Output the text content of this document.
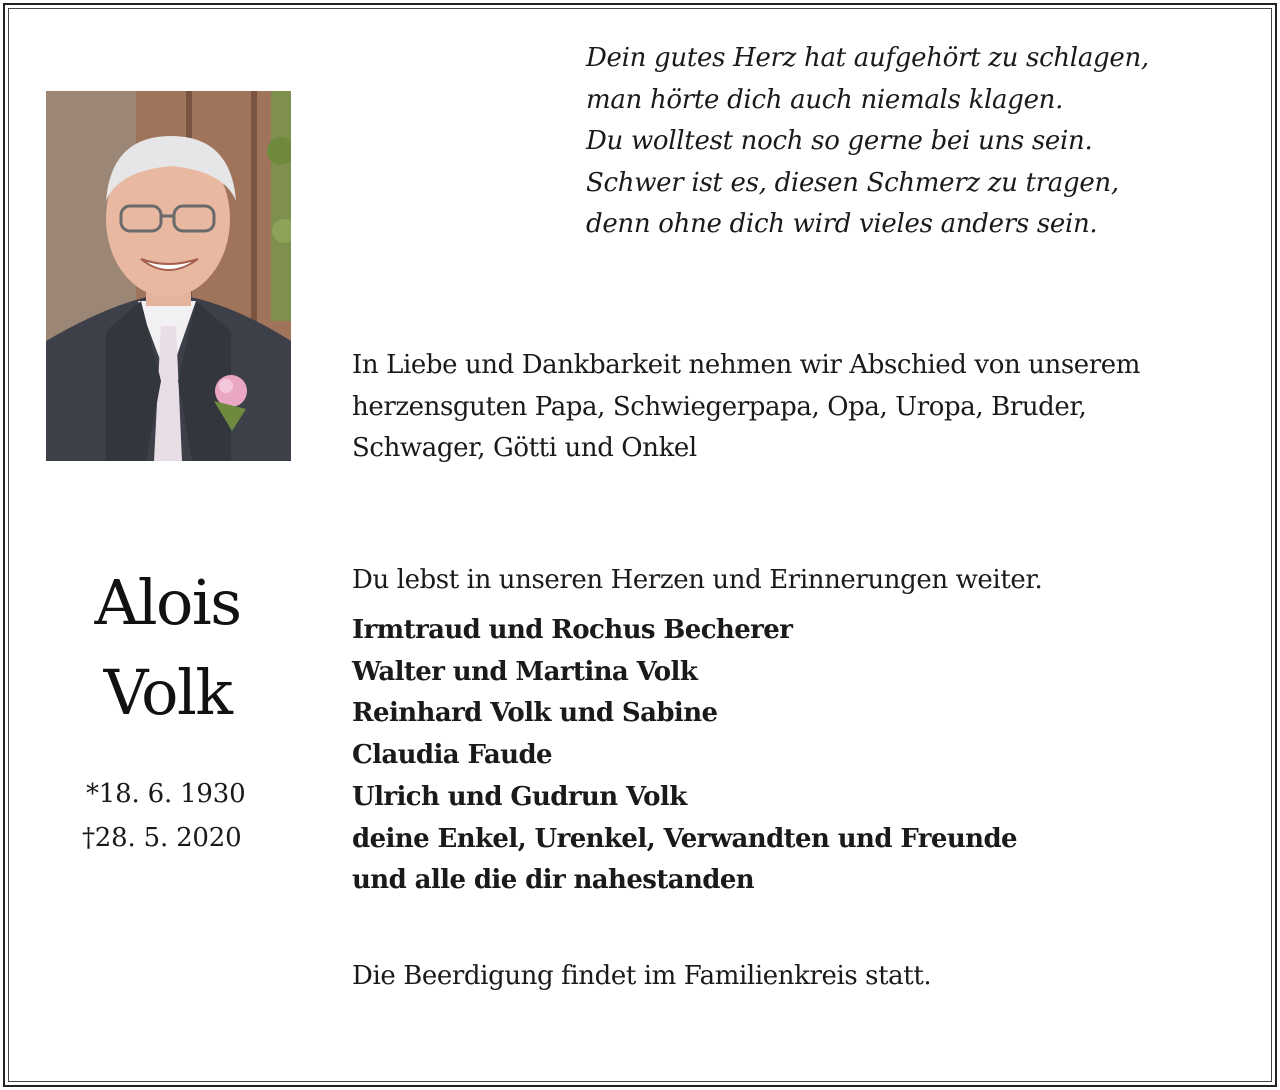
Dein gutes Herz hat aufgehört zu schlagen,
man hörte dich auch niemals klagen.
Du wolltest noch so gerne bei uns sein.
Schwer ist es, diesen Schmerz zu tragen,
denn ohne dich wird vieles anders sein.
In Liebe und Dankbarkeit nehmen wir Abschied von unserem
herzensguten Papa, Schwiegerpapa, Opa, Uropa, Bruder,
Schwager, Götti und Onkel
Alois
Volk
*18. 6. 1930
†28. 5. 2020
Du lebst in unseren Herzen und Erinnerungen weiter.
Irmtraud und Rochus Becherer
Walter und Martina Volk
Reinhard Volk und Sabine
Claudia Faude
Ulrich und Gudrun Volk
deine Enkel, Urenkel, Verwandten und Freunde
und alle die dir nahestanden
Die Beerdigung findet im Familienkreis statt.
